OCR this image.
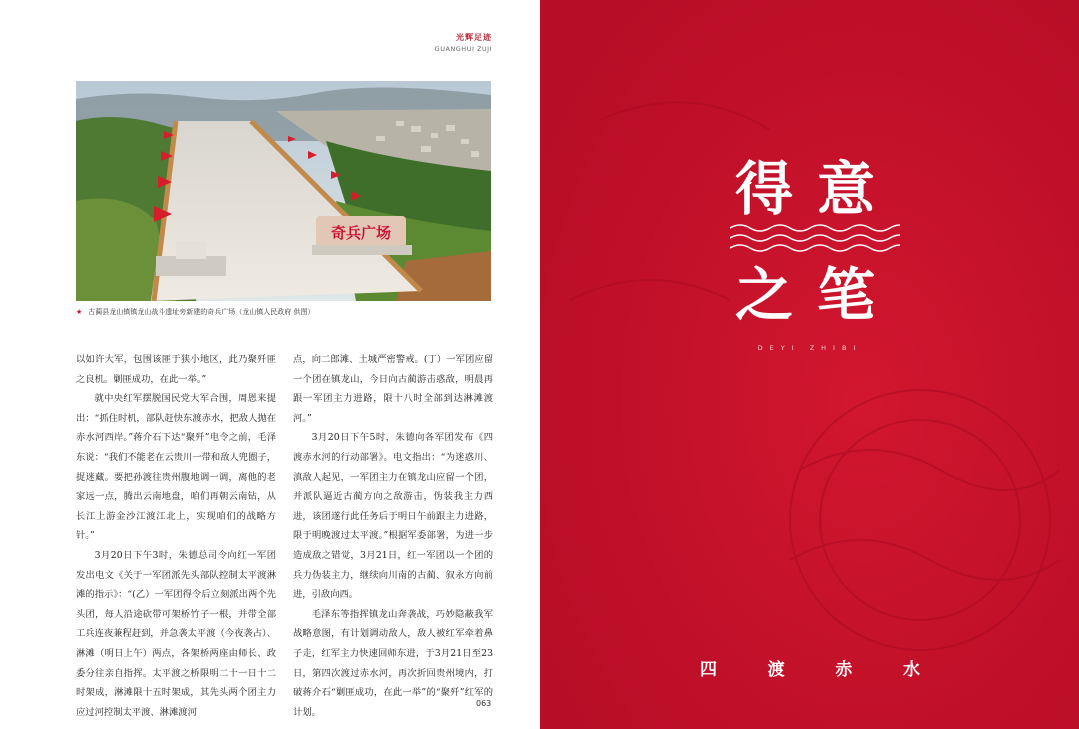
光辉足迹
GUANGHUI ZUJI
奇兵广场
★ 古蔺县龙山镇镇龙山战斗遗址旁新建的奇兵广场（龙山镇人民政府 供图）

以如许大军，包围该匪于狭小地区，此乃聚歼匪之良机。剿匪成功，在此一举。”

就中央红军摆脱国民党大军合围，周恩来提出：“抓住时机，部队赶快东渡赤水，把敌人抛在赤水河西岸。”蒋介石下达“聚歼”电令之前，毛泽东说：“我们不能老在云贵川一带和敌人兜圈子，捉迷藏。要把孙渡往贵州腹地调一调，离他的老家远一点，腾出云南地盘，咱们再朝云南钻，从长江上游金沙江渡江北上，实现咱们的战略方针。”

3月20日下午3时，朱德总司令向红一军团发出电文《关于一军团派先头部队控制太平渡淋滩的指示》：“(乙）一军团得令后立刻派出两个先头团，每人沿途砍带可架桥竹子一根，并带全部工兵连夜兼程赶到，并急袭太平渡（今夜袭占）、淋滩（明日上午）两点，各架桥两座由师长、政委分往亲自指挥。太平渡之桥限明二十一日十二时架成，淋滩限十五时架成，其先头两个团主力应过河控制太平渡、淋滩渡河

点，向二郎滩、土城严密警戒。(丁）一军团应留一个团在镇龙山，今日向古蔺游击惑敌，明晨再跟一军团主力进路，限十八时全部到达淋滩渡河。”

3月20日下午5时，朱德向各军团发布《四渡赤水河的行动部署》。电文指出：“为迷惑川、滇敌人起见，一军团主力在镇龙山应留一个团，并派队逼近古蔺方向之敌游击，伪装我主力西进，该团遂行此任务后于明日午前跟主力进路，限于明晚渡过太平渡。”根据军委部署，为进一步造成敌之错觉，3月21日，红一军团以一个团的兵力伪装主力，继续向川南的古蔺、叙永方向前进，引敌向西。

毛泽东等指挥镇龙山奔袭战，巧妙隐蔽我军战略意图，有计划调动敌人，敌人被红军牵着鼻子走，红军主力快速回师东进，于3月21日至23日，第四次渡过赤水河，再次折回贵州境内，打破蒋介石“剿匪成功，在此一举”的“聚歼”红军的计划。

063
得 意
之 笔
DEYI ZHIBI
四	渡	赤	水
